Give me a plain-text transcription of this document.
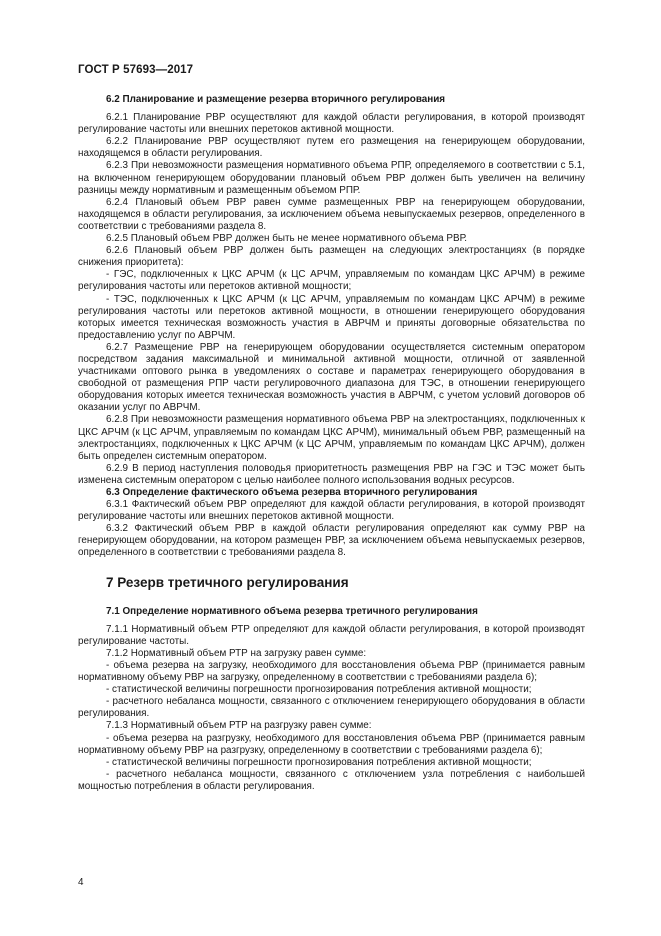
ГОСТ Р 57693—2017

6.2 Планирование и размещение резерва вторичного регулирования

6.2.1 Планирование РВР осуществляют для каждой области регулирования, в которой производят регулирование частоты или внешних перетоков активной мощности.

6.2.2 Планирование РВР осуществляют путем его размещения на генерирующем оборудовании, находящемся в области регулирования.

6.2.3 При невозможности размещения нормативного объема РПР, определяемого в соответствии с 5.1, на включенном генерирующем оборудовании плановый объем РВР должен быть увеличен на величину разницы между нормативным и размещенным объемом РПР.

6.2.4 Плановый объем РВР равен сумме размещенных РВР на генерирующем оборудовании, находящемся в области регулирования, за исключением объема невыпускаемых резервов, определенного в соответствии с требованиями раздела 8.

6.2.5 Плановый объем РВР должен быть не менее нормативного объема РВР.

6.2.6 Плановый объем РВР должен быть размещен на следующих электростанциях (в порядке снижения приоритета):

- ГЭС, подключенных к ЦКС АРЧМ (к ЦС АРЧМ, управляемым по командам ЦКС АРЧМ) в режиме регулирования частоты или перетоков активной мощности;

- ТЭС, подключенных к ЦКС АРЧМ (к ЦС АРЧМ, управляемым по командам ЦКС АРЧМ) в режиме регулирования частоты или перетоков активной мощности, в отношении генерирующего оборудования которых имеется техническая возможность участия в АВРЧМ и приняты договорные обязательства по предоставлению услуг по АВРЧМ.

6.2.7 Размещение РВР на генерирующем оборудовании осуществляется системным оператором посредством задания максимальной и минимальной активной мощности, отличной от заявленной участниками оптового рынка в уведомлениях о составе и параметрах генерирующего оборудования в свободной от размещения РПР части регулировочного диапазона для ТЭС, в отношении генерирующего оборудования которых имеется техническая возможность участия в АВРЧМ, с учетом условий договоров об оказании услуг по АВРЧМ.

6.2.8 При невозможности размещения нормативного объема РВР на электростанциях, подключенных к ЦКС АРЧМ (к ЦС АРЧМ, управляемым по командам ЦКС АРЧМ), минимальный объем РВР, размещенный на электростанциях, подключенных к ЦКС АРЧМ (к ЦС АРЧМ, управляемым по командам ЦКС АРЧМ), должен быть определен системным оператором.

6.2.9 В период наступления половодья приоритетность размещения РВР на ГЭС и ТЭС может быть изменена системным оператором с целью наиболее полного использования водных ресурсов.

6.3 Определение фактического объема резерва вторичного регулирования

6.3.1 Фактический объем РВР определяют для каждой области регулирования, в которой производят регулирование частоты или внешних перетоков активной мощности.

6.3.2 Фактический объем РВР в каждой области регулирования определяют как сумму РВР на генерирующем оборудовании, на котором размещен РВР, за исключением объема невыпускаемых резервов, определенного в соответствии с требованиями раздела 8.

7 Резерв третичного регулирования

7.1 Определение нормативного объема резерва третичного регулирования

7.1.1 Нормативный объем РТР определяют для каждой области регулирования, в которой производят регулирование частоты.

7.1.2 Нормативный объем РТР на загрузку равен сумме:

- объема резерва на загрузку, необходимого для восстановления объема РВР (принимается равным нормативному объему РВР на загрузку, определенному в соответствии с требованиями раздела 6);

- статистической величины погрешности прогнозирования потребления активной мощности;

- расчетного небаланса мощности, связанного с отключением генерирующего оборудования в области регулирования.

7.1.3 Нормативный объем РТР на разгрузку равен сумме:

- объема резерва на разгрузку, необходимого для восстановления объема РВР (принимается равным нормативному объему РВР на разгрузку, определенному в соответствии с требованиями раздела 6);

- статистической величины погрешности прогнозирования потребления активной мощности;

- расчетного небаланса мощности, связанного с отключением узла потребления с наибольшей мощностью потребления в области регулирования.

4
